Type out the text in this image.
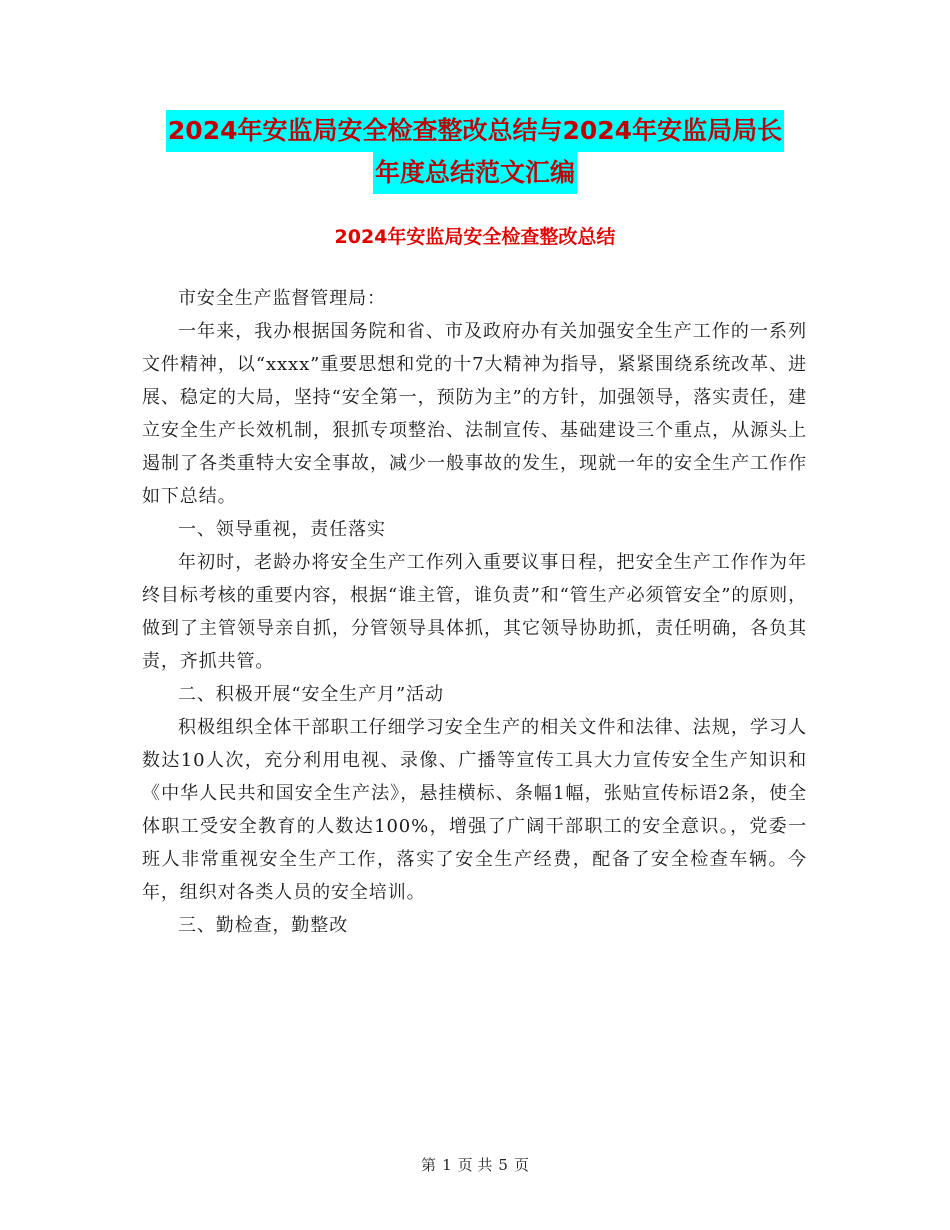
2024年安监局安全检查整改总结与2024年安监局局长
年度总结范文汇编
2024年安监局安全检查整改总结

市安全生产监督管理局：

一年来，我办根据国务院和省、市及政府办有关加强安全生产工作的一系列文件精神，以“xxxx”重要思想和党的十7大精神为指导，紧紧围绕系统改革、进展、稳定的大局，坚持“安全第一，预防为主”的方针，加强领导，落实责任，建立安全生产长效机制，狠抓专项整治、法制宣传、基础建设三个重点，从源头上遏制了各类重特大安全事故，减少一般事故的发生，现就一年的安全生产工作作如下总结。

一、领导重视，责任落实

年初时，老龄办将安全生产工作列入重要议事日程，把安全生产工作作为年终目标考核的重要内容，根据“谁主管，谁负责”和“管生产必须管安全”的原则，做到了主管领导亲自抓，分管领导具体抓，其它领导协助抓，责任明确，各负其责，齐抓共管。

二、积极开展“安全生产月”活动

积极组织全体干部职工仔细学习安全生产的相关文件和法律、法规，学习人数达10人次，充分利用电视、录像、广播等宣传工具大力宣传安全生产知识和《中华人民共和国安全生产法》，悬挂横标、条幅1幅，张贴宣传标语2条，使全体职工受安全教育的人数达100%，增强了广阔干部职工的安全意识。，党委一班人非常重视安全生产工作，落实了安全生产经费，配备了安全检查车辆。今年，组织对各类人员的安全培训。

三、勤检查，勤整改

第 1 页 共 5 页
